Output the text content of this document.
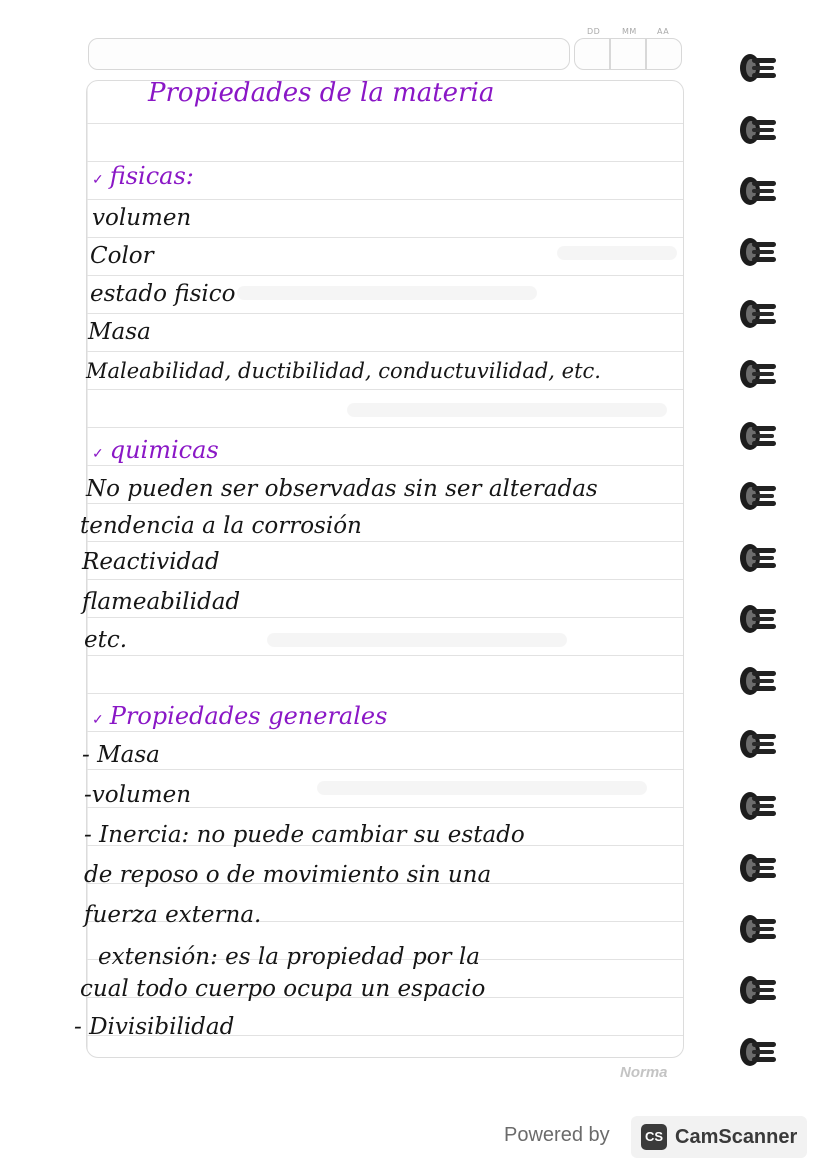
DD	MM	AA
Propiedades de la materia
✓ fisicas:
volumen
Color
estado fisico
Masa
Maleabilidad, ductibilidad, conductuvilidad, etc.
✓ quimicas
No pueden ser observadas sin ser alteradas
tendencia a la corrosión
Reactividad
flameabilidad
etc.
✓ Propiedades generales
- Masa
-volumen
- Inercia: no puede cambiar su estado
de reposo o de movimiento sin una
fuerza externa.
extensión: es la propiedad por la
cual todo cuerpo ocupa un espacio
- Divisibilidad
Norma
Powered by	CS CamScanner
